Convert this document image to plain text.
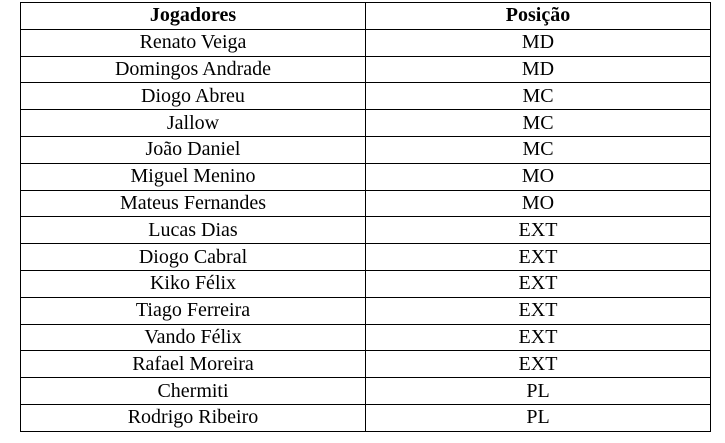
Jogadores	Posição
Renato Veiga	MD
Domingos Andrade	MD
Diogo Abreu	MC
Jallow	MC
João Daniel	MC
Miguel Menino	MO
Mateus Fernandes	MO
Lucas Dias	EXT
Diogo Cabral	EXT
Kiko Félix	EXT
Tiago Ferreira	EXT
Vando Félix	EXT
Rafael Moreira	EXT
Chermiti	PL
Rodrigo Ribeiro	PL
